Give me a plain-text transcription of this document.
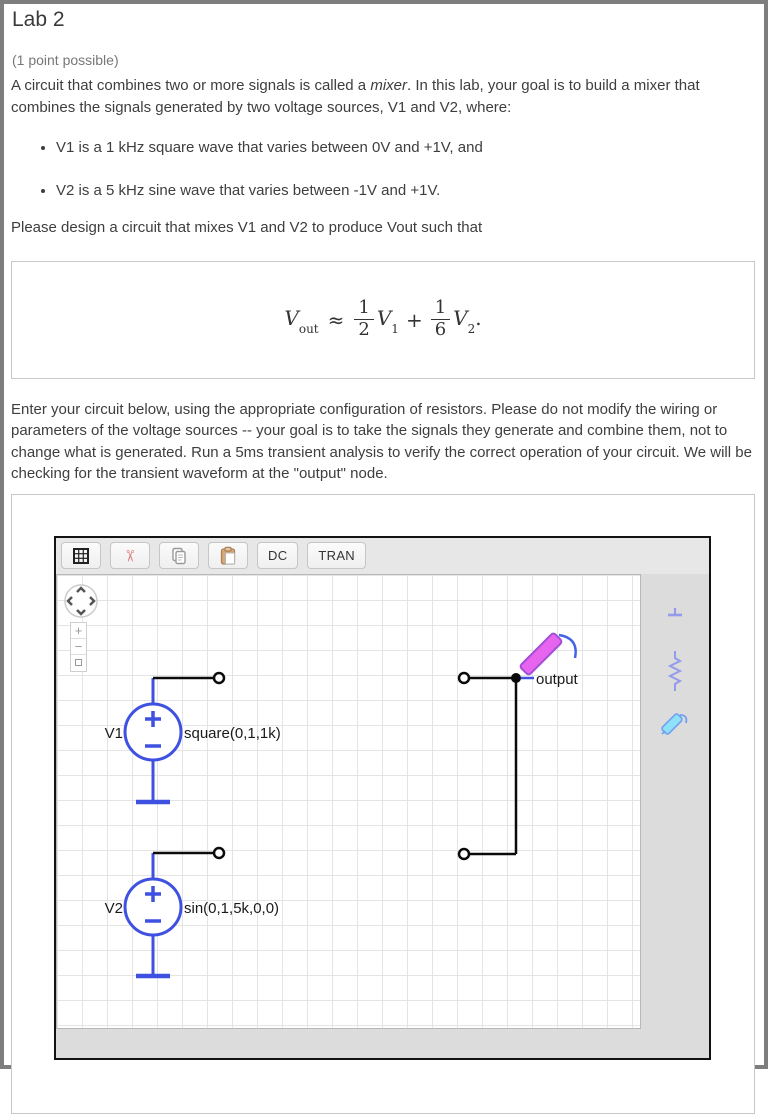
Lab 2
(1 point possible)

A circuit that combines two or more signals is called a mixer. In this lab, your goal is to build a mixer that combines the signals generated by two voltage sources, V1 and V2, where:

• V1 is a 1 kHz square wave that varies between 0V and +1V, and
• V2 is a 5 kHz sine wave that varies between -1V and +1V.

Please design a circuit that mixes V1 and V2 to produce Vout such that

$V_{out} \approx \frac{1}{2} V_1 + \frac{1}{6} V_2$.

Enter your circuit below, using the appropriate configuration of resistors. Please do not modify the wiring or parameters of the voltage sources -- your goal is to take the signals they generate and combine them, not to change what is generated. Run a 5ms transient analysis to verify the correct operation of your circuit. We will be checking for the transient waveform at the "output" node.

✂	DC	TRAN
V1	square(0,1,1k)
V2	sin(0,1,5k,0,0)
output
+
−
